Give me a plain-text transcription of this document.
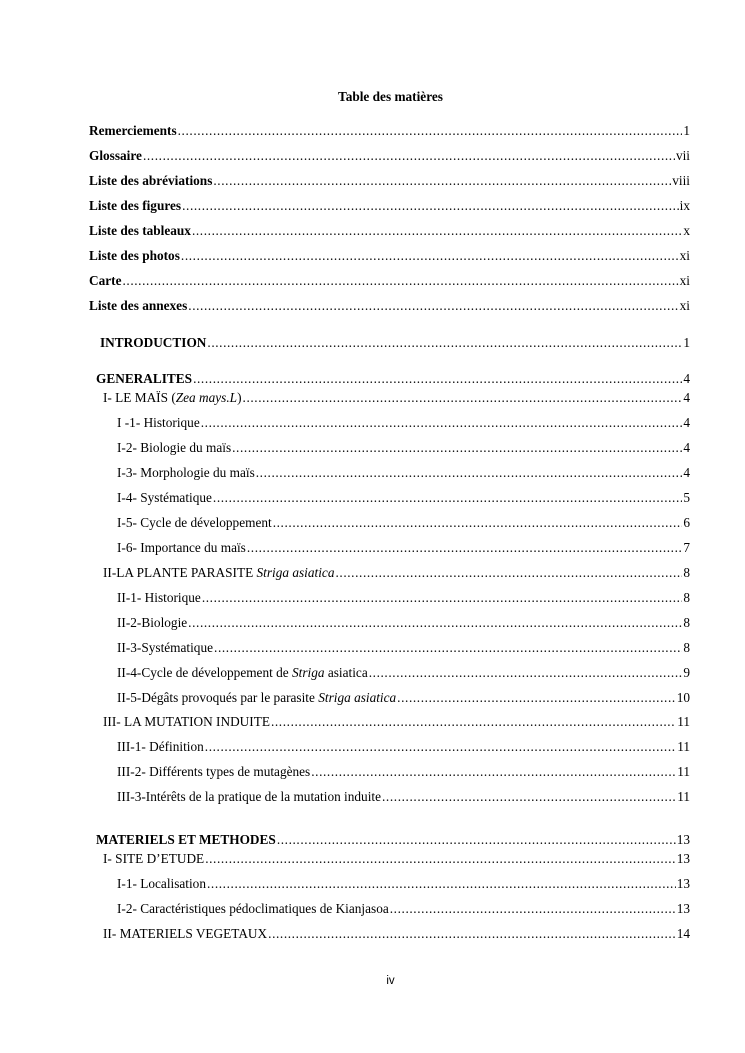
Table des matières
Remerciements .....	1
Glossaire .....	vii
Liste des abréviations .....	viii
Liste des figures .....	ix
Liste des tableaux .....	x
Liste des photos .....	xi
Carte .....	xi
Liste des annexes .....	xi
INTRODUCTION .....	1
GENERALITES .....	4
I- LE MAÏS (Zea mays.L) .....	4
I -1- Historique .....	4
I-2- Biologie du maïs .....	4
I-3- Morphologie du maïs .....	4
I-4- Systématique .....	5
I-5- Cycle de développement .....	6
I-6- Importance du maïs .....	7
II-LA PLANTE PARASITE Striga asiatica .....	8
II-1- Historique .....	8
II-2-Biologie .....	8
II-3-Systématique .....	8
II-4-Cycle de développement de Striga asiatica .....	9
II-5-Dégâts provoqués par le parasite Striga asiatica .....	10
III- LA MUTATION INDUITE .....	11
III-1- Définition .....	11
III-2- Différents types de mutagènes .....	11
III-3-Intérêts de la pratique de la mutation induite .....	11
MATERIELS ET METHODES .....	13
I- SITE D’ETUDE .....	13
I-1- Localisation .....	13
I-2- Caractéristiques pédoclimatiques de Kianjasoa .....	13
II- MATERIELS VEGETAUX .....	14
iv
